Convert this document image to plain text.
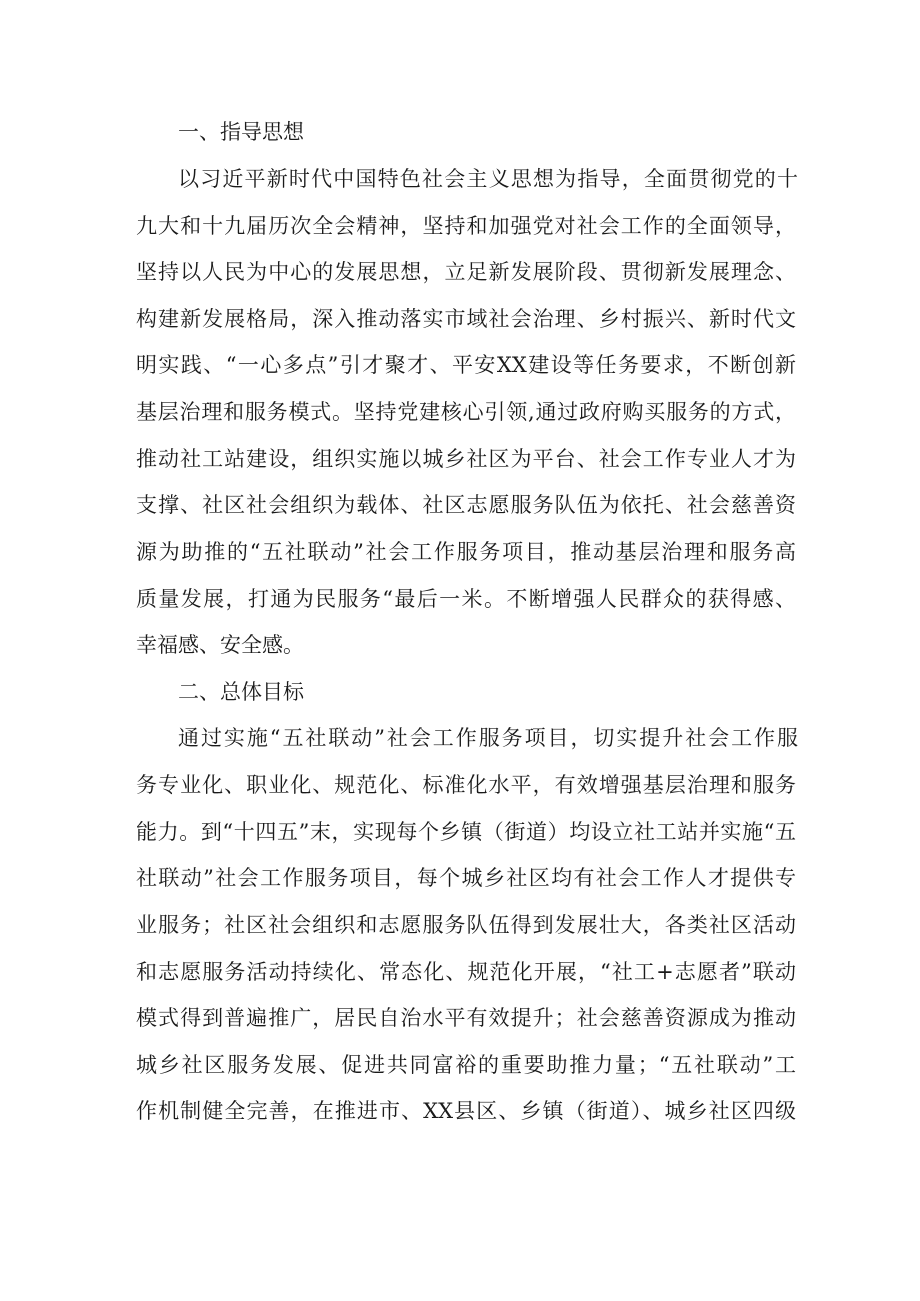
一、指导思想
以习近平新时代中国特色社会主义思想为指导，全面贯彻党的十
九大和十九届历次全会精神，坚持和加强党对社会工作的全面领导，
坚持以人民为中心的发展思想，立足新发展阶段、贯彻新发展理念、
构建新发展格局，深入推动落实市域社会治理、乡村振兴、新时代文
明实践、“一心多点”引才聚才、平安XX建设等任务要求，不断创新
基层治理和服务模式。坚持党建核心引领,通过政府购买服务的方式，
推动社工站建设，组织实施以城乡社区为平台、社会工作专业人才为
支撑、社区社会组织为载体、社区志愿服务队伍为依托、社会慈善资
源为助推的“五社联动”社会工作服务项目，推动基层治理和服务高
质量发展，打通为民服务“最后一米。不断增强人民群众的获得感、
幸福感、安全感。
二、总体目标
通过实施“五社联动”社会工作服务项目，切实提升社会工作服
务专业化、职业化、规范化、标准化水平，有效增强基层治理和服务
能力。到“十四五”末，实现每个乡镇（街道）均设立社工站并实施“五
社联动”社会工作服务项目，每个城乡社区均有社会工作人才提供专
业服务；社区社会组织和志愿服务队伍得到发展壮大，各类社区活动
和志愿服务活动持续化、常态化、规范化开展，“社工+志愿者”联动
模式得到普遍推广，居民自治水平有效提升；社会慈善资源成为推动
城乡社区服务发展、促进共同富裕的重要助推力量；“五社联动”工
作机制健全完善，在推进市、XX县区、乡镇（街道）、城乡社区四级
